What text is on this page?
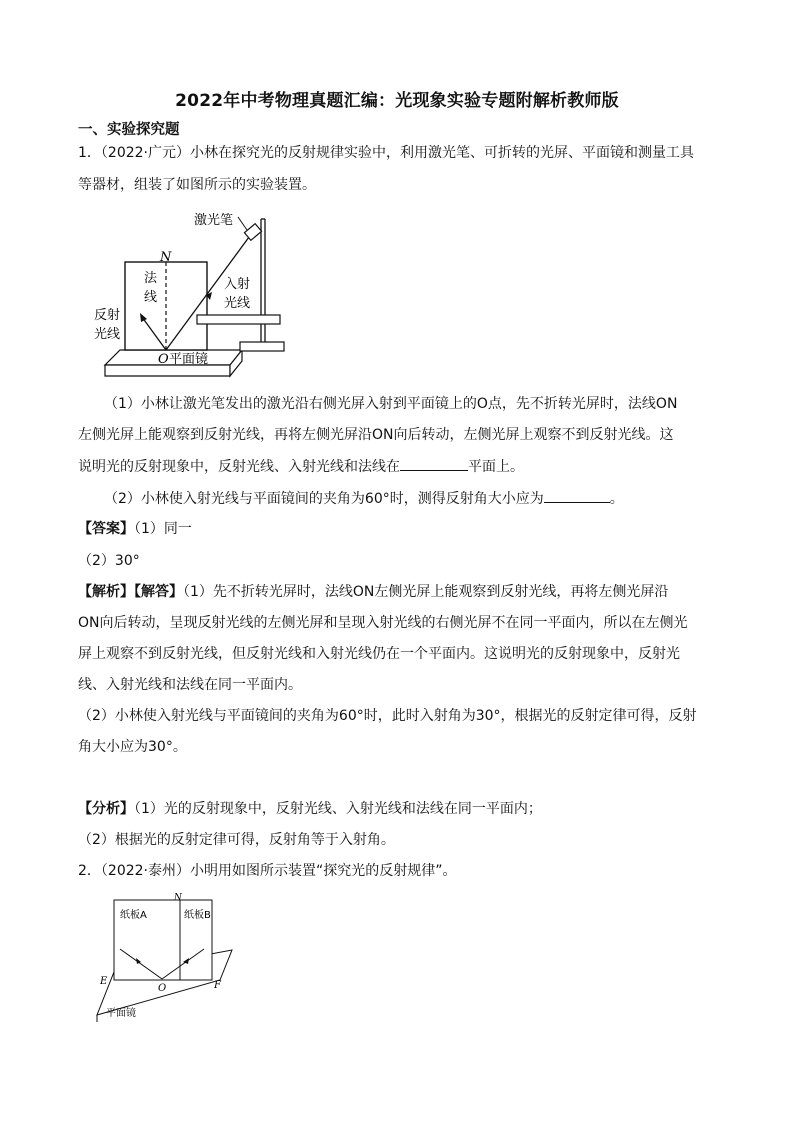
2022年中考物理真题汇编：光现象实验专题附解析教师版
一、实验探究题
1．（2022·广元）小林在探究光的反射规律实验中，利用激光笔、可折转的光屏、平面镜和测量工具
等器材，组装了如图所示的实验装置。
激光笔
N
法
线
入射
光线
反射
光线
O 平面镜
（1）小林让激光笔发出的激光沿右侧光屏入射到平面镜上的O点，先不折转光屏时，法线ON
左侧光屏上能观察到反射光线，再将左侧光屏沿ON向后转动，左侧光屏上观察不到反射光线。这
说明光的反射现象中，反射光线、入射光线和法线在	平面上。
（2）小林使入射光线与平面镜间的夹角为60°时，测得反射角大小应为	。
【答案】（1）同一
（2）30°
【解析】【解答】（1）先不折转光屏时，法线ON左侧光屏上能观察到反射光线，再将左侧光屏沿
ON向后转动，呈现反射光线的左侧光屏和呈现入射光线的右侧光屏不在同一平面内，所以在左侧光
屏上观察不到反射光线，但反射光线和入射光线仍在一个平面内。这说明光的反射现象中，反射光
线、入射光线和法线在同一平面内。
（2）小林使入射光线与平面镜间的夹角为60°时，此时入射角为30°，根据光的反射定律可得，反射
角大小应为30°。
【分析】（1）光的反射现象中，反射光线、入射光线和法线在同一平面内；
（2）根据光的反射定律可得，反射角等于入射角。
2．（2022·泰州）小明用如图所示装置“探究光的反射规律”。
纸板A	纸板B
N
E
O	F
平面镜
